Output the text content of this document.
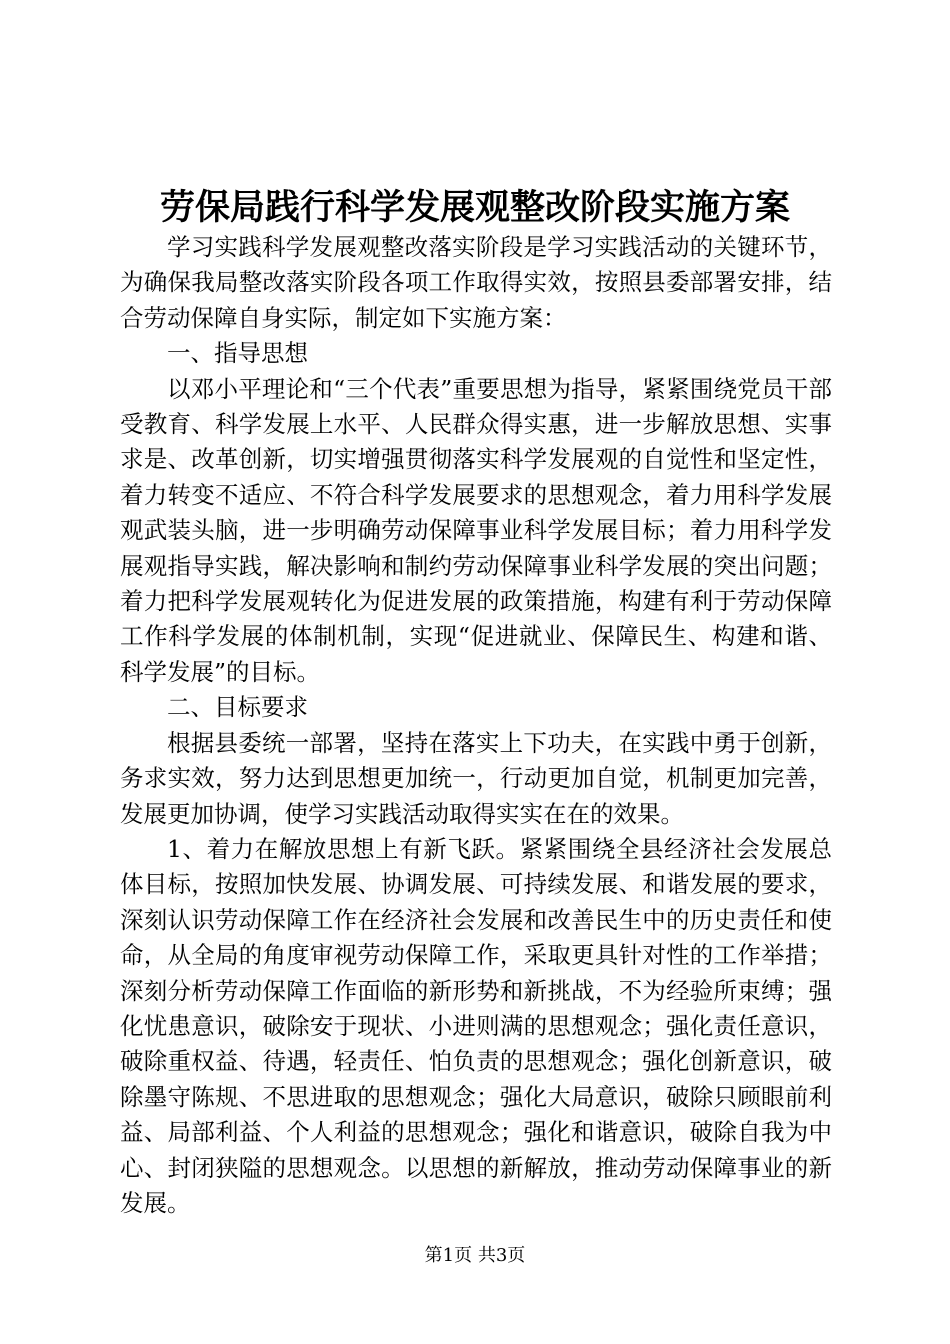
劳保局践行科学发展观整改阶段实施方案

学习实践科学发展观整改落实阶段是学习实践活动的关键环节，为确保我局整改落实阶段各项工作取得实效，按照县委部署安排，结合劳动保障自身实际，制定如下实施方案：

一、指导思想

以邓小平理论和“三个代表”重要思想为指导，紧紧围绕党员干部受教育、科学发展上水平、人民群众得实惠，进一步解放思想、实事求是、改革创新，切实增强贯彻落实科学发展观的自觉性和坚定性，着力转变不适应、不符合科学发展要求的思想观念，着力用科学发展观武装头脑，进一步明确劳动保障事业科学发展目标；着力用科学发展观指导实践，解决影响和制约劳动保障事业科学发展的突出问题；着力把科学发展观转化为促进发展的政策措施，构建有利于劳动保障工作科学发展的体制机制，实现“促进就业、保障民生、构建和谐、科学发展”的目标。

二、目标要求

根据县委统一部署，坚持在落实上下功夫，在实践中勇于创新，务求实效，努力达到思想更加统一，行动更加自觉，机制更加完善，发展更加协调，使学习实践活动取得实实在在的效果。

1、着力在解放思想上有新飞跃。紧紧围绕全县经济社会发展总体目标，按照加快发展、协调发展、可持续发展、和谐发展的要求，深刻认识劳动保障工作在经济社会发展和改善民生中的历史责任和使命，从全局的角度审视劳动保障工作，采取更具针对性的工作举措；深刻分析劳动保障工作面临的新形势和新挑战，不为经验所束缚；强化忧患意识，破除安于现状、小进则满的思想观念；强化责任意识，破除重权益、待遇，轻责任、怕负责的思想观念；强化创新意识，破除墨守陈规、不思进取的思想观念；强化大局意识，破除只顾眼前利益、局部利益、个人利益的思想观念；强化和谐意识，破除自我为中心、封闭狭隘的思想观念。以思想的新解放，推动劳动保障事业的新发展。

第1页 共3页
